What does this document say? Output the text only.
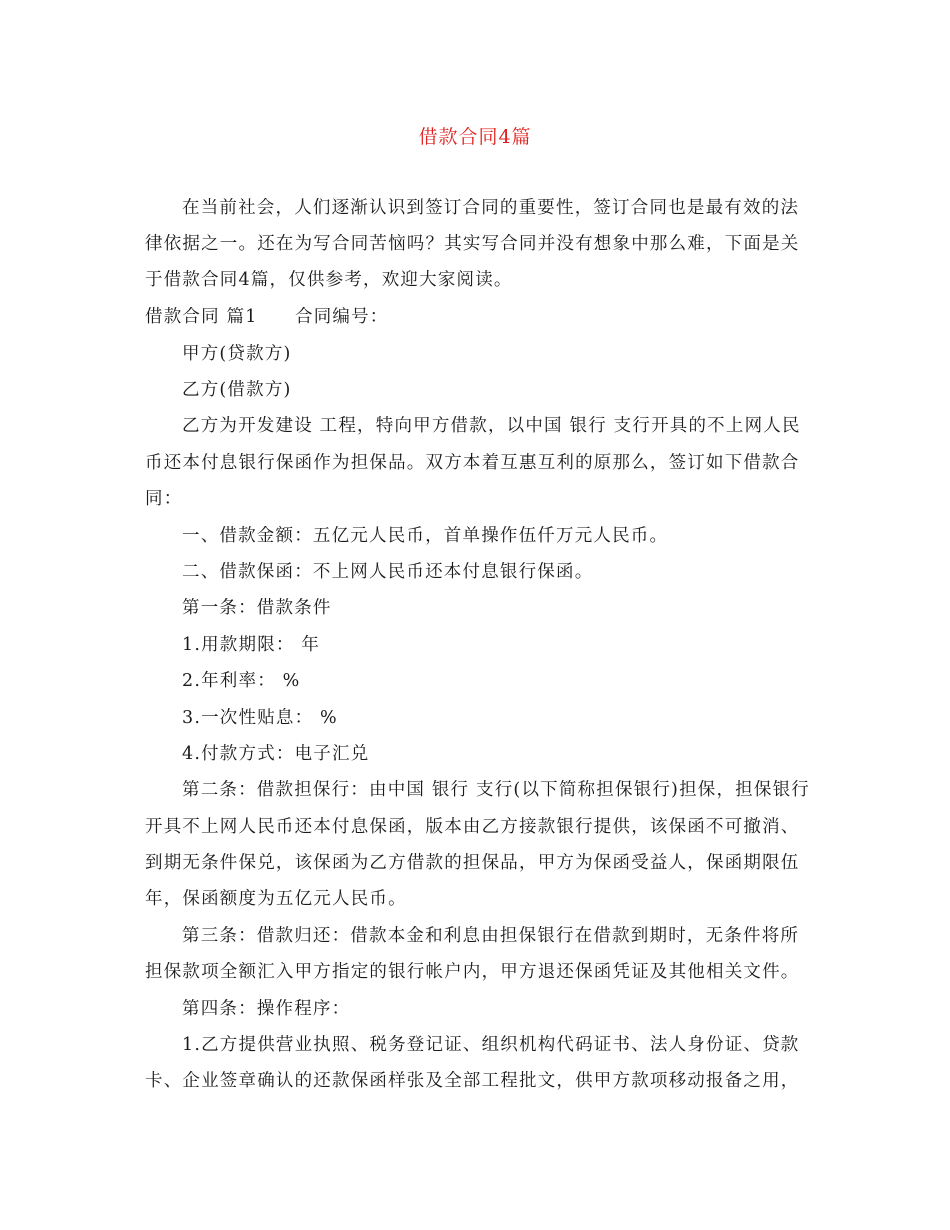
借款合同4篇
在当前社会，人们逐渐认识到签订合同的重要性，签订合同也是最有效的法
律依据之一。还在为写合同苦恼吗？其实写合同并没有想象中那么难，下面是关
于借款合同4篇，仅供参考，欢迎大家阅读。
借款合同 篇1　　合同编号：
甲方(贷款方)
乙方(借款方)
乙方为开发建设 工程，特向甲方借款，以中国 银行 支行开具的不上网人民
币还本付息银行保函作为担保品。双方本着互惠互利的原那么，签订如下借款合
同：
一、借款金额：五亿元人民币，首单操作伍仟万元人民币。
二、借款保函：不上网人民币还本付息银行保函。
第一条：借款条件
1.用款期限： 年
2.年利率： %
3.一次性贴息： %
4.付款方式：电子汇兑
第二条：借款担保行：由中国 银行 支行(以下简称担保银行)担保，担保银行
开具不上网人民币还本付息保函，版本由乙方接款银行提供，该保函不可撤消、
到期无条件保兑，该保函为乙方借款的担保品，甲方为保函受益人，保函期限伍
年，保函额度为五亿元人民币。
第三条：借款归还：借款本金和利息由担保银行在借款到期时，无条件将所
担保款项全额汇入甲方指定的银行帐户内，甲方退还保函凭证及其他相关文件。
第四条：操作程序：
1.乙方提供营业执照、税务登记证、组织机构代码证书、法人身份证、贷款
卡、企业签章确认的还款保函样张及全部工程批文，供甲方款项移动报备之用，
